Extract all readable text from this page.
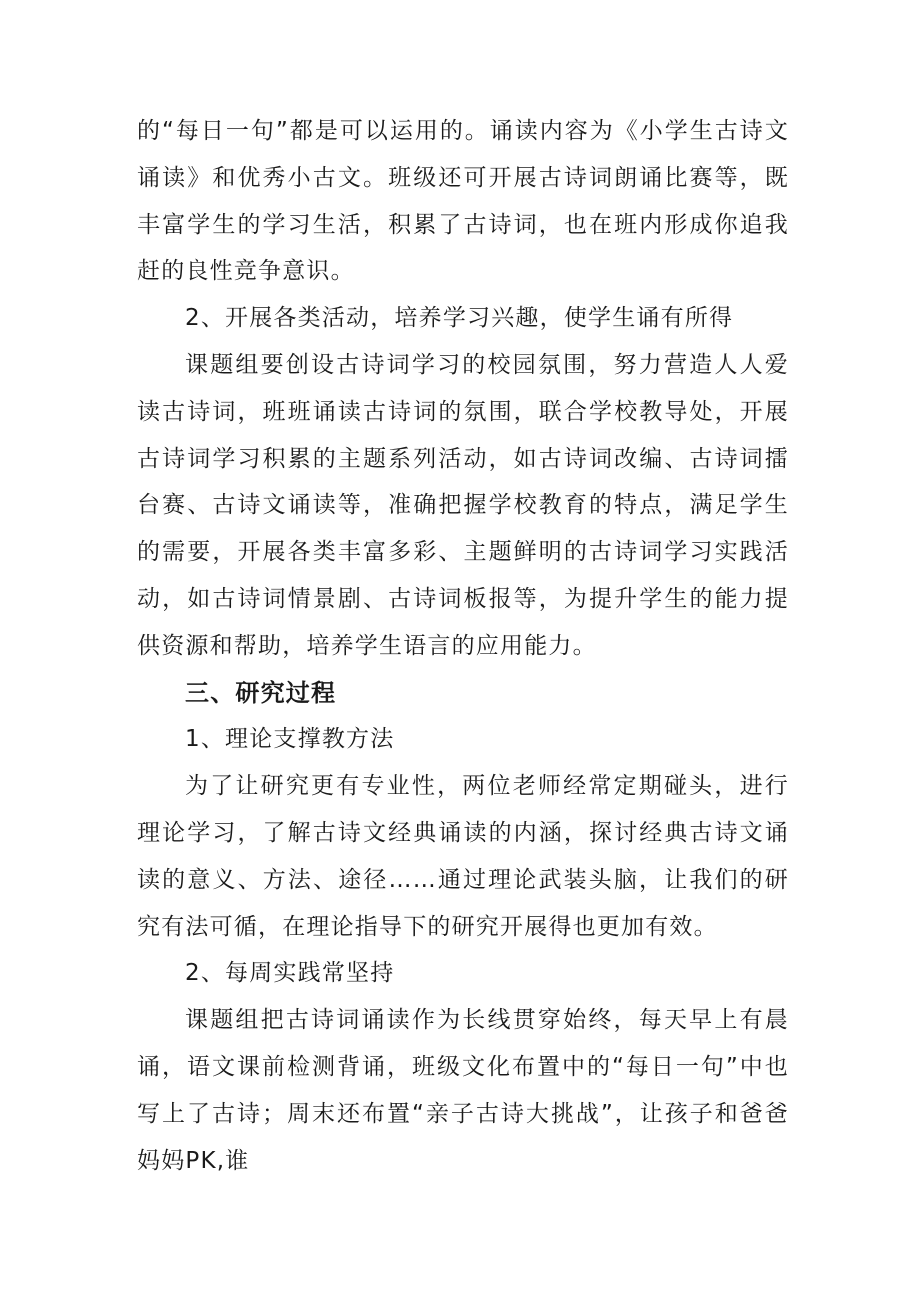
的“每日一句”都是可以运用的。诵读内容为《小学生古诗文诵读》和优秀小古文。班级还可开展古诗词朗诵比赛等，既丰富学生的学习生活，积累了古诗词，也在班内形成你追我赶的良性竞争意识。

2、开展各类活动，培养学习兴趣，使学生诵有所得

课题组要创设古诗词学习的校园氛围，努力营造人人爱读古诗词，班班诵读古诗词的氛围，联合学校教导处，开展古诗词学习积累的主题系列活动，如古诗词改编、古诗词擂台赛、古诗文诵读等，准确把握学校教育的特点，满足学生的需要，开展各类丰富多彩、主题鲜明的古诗词学习实践活动，如古诗词情景剧、古诗词板报等，为提升学生的能力提供资源和帮助，培养学生语言的应用能力。

三、研究过程

1、理论支撑教方法

为了让研究更有专业性，两位老师经常定期碰头，进行理论学习，了解古诗文经典诵读的内涵，探讨经典古诗文诵读的意义、方法、途径……通过理论武装头脑，让我们的研究有法可循，在理论指导下的研究开展得也更加有效。

2、每周实践常坚持

课题组把古诗词诵读作为长线贯穿始终，每天早上有晨诵，语文课前检测背诵，班级文化布置中的“每日一句”中也写上了古诗；周末还布置“亲子古诗大挑战”，让孩子和爸爸妈妈PK,谁
